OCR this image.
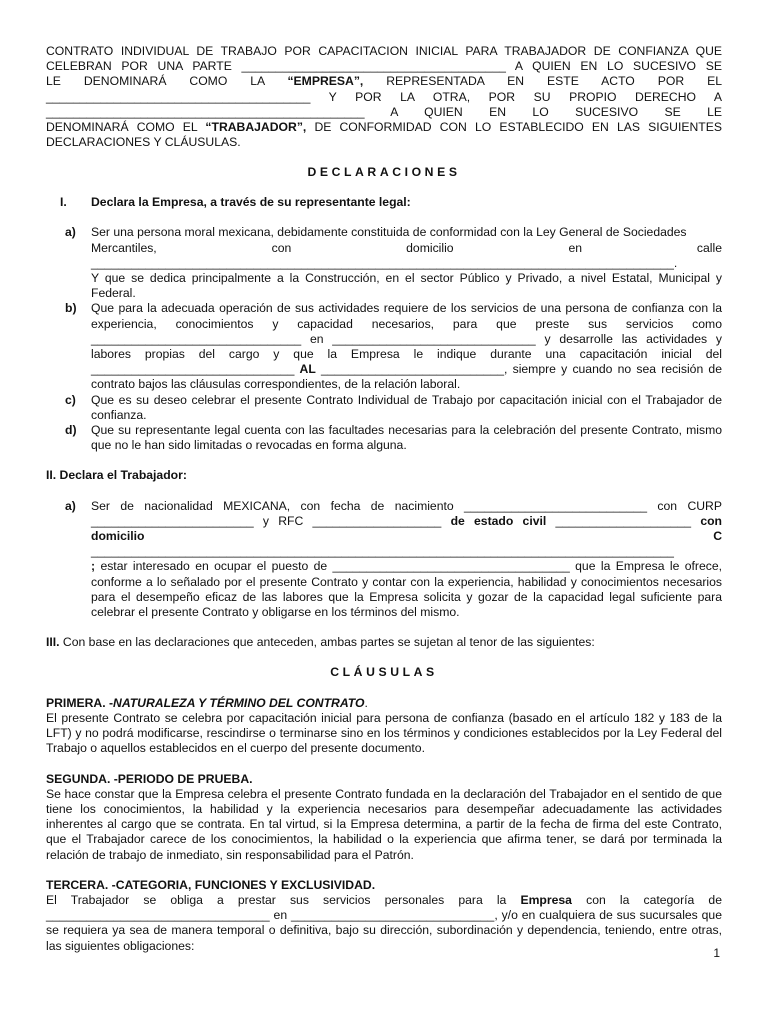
CONTRATO INDIVIDUAL DE TRABAJO POR CAPACITACION INICIAL PARA TRABAJADOR DE CONFIANZA QUE

CELEBRAN POR UNA PARTE _______________________________________ A QUIEN EN LO SUCESIVO SE

LE DENOMINARÁ COMO LA “EMPRESA”, REPRESENTADA EN ESTE ACTO POR EL

_______________________________________ Y POR LA OTRA, POR SU PROPIO DERECHO A

_______________________________________________ A QUIEN EN LO SUCESIVO SE LE

DENOMINARÁ COMO EL “TRABAJADOR”, DE CONFORMIDAD CON LO ESTABLECIDO EN LAS SIGUIENTES

DECLARACIONES Y CLÁUSULAS.

DECLARACIONES

I. Declara la Empresa, a través de su representante legal:
a) Ser una persona moral mexicana, debidamente constituida de conformidad con la Ley General de Sociedades

Mercantiles, con domicilio en calle

______________________________________________________________________________________.

Y que se dedica principalmente a la Construcción, en el sector Público y Privado, a nivel Estatal, Municipal y Federal.

b) Que para la adecuada operación de sus actividades requiere de los servicios de una persona de confianza con la experiencia, conocimientos y capacidad necesarios, para que preste sus servicios como _______________________________ en ______________________________ y desarrolle las actividades y labores propias del cargo y que la Empresa le indique durante una capacitación inicial del ______________________________ AL ___________________________, siempre y cuando no sea recisión de contrato bajos las cláusulas correspondientes, de la relación laboral.

c) Que es su deseo celebrar el presente Contrato Individual de Trabajo por capacitación inicial con el Trabajador de confianza.

d) Que su representante legal cuenta con las facultades necesarias para la celebración del presente Contrato, mismo que no le han sido limitadas o revocadas en forma alguna.

II. Declara el Trabajador:

a) Ser de nacionalidad MEXICANA, con fecha de nacimiento ___________________________ con CURP

________________________ y RFC ___________________ de estado civil ____________________ con

domicilio	C

______________________________________________________________________________________

; estar interesado en ocupar el puesto de ___________________________________ que la Empresa le ofrece, conforme a lo señalado por el presente Contrato y contar con la experiencia, habilidad y conocimientos necesarios para el desempeño eficaz de las labores que la Empresa solicita y gozar de la capacidad legal suficiente para celebrar el presente Contrato y obligarse en los términos del mismo.

III. Con base en las declaraciones que anteceden, ambas partes se sujetan al tenor de las siguientes:

CLÁUSULAS

PRIMERA. -NATURALEZA Y TÉRMINO DEL CONTRATO.

El presente Contrato se celebra por capacitación inicial para persona de confianza (basado en el artículo 182 y 183 de la LFT) y no podrá modificarse, rescindirse o terminarse sino en los términos y condiciones establecidos por la Ley Federal del Trabajo o aquellos establecidos en el cuerpo del presente documento.

SEGUNDA. -PERIODO DE PRUEBA.

Se hace constar que la Empresa celebra el presente Contrato fundada en la declaración del Trabajador en el sentido de que tiene los conocimientos, la habilidad y la experiencia necesarios para desempeñar adecuadamente las actividades inherentes al cargo que se contrata. En tal virtud, si la Empresa determina, a partir de la fecha de firma del este Contrato, que el Trabajador carece de los conocimientos, la habilidad o la experiencia que afirma tener, se dará por terminada la relación de trabajo de inmediato, sin responsabilidad para el Patrón.

TERCERA. -CATEGORIA, FUNCIONES Y EXCLUSIVIDAD.

El Trabajador se obliga a prestar sus servicios personales para la Empresa con la categoría de _________________________________ en ______________________________, y/o en cualquiera de sus sucursales que se requiera ya sea de manera temporal o definitiva, bajo su dirección, subordinación y dependencia, teniendo, entre otras, las siguientes obligaciones:

1
